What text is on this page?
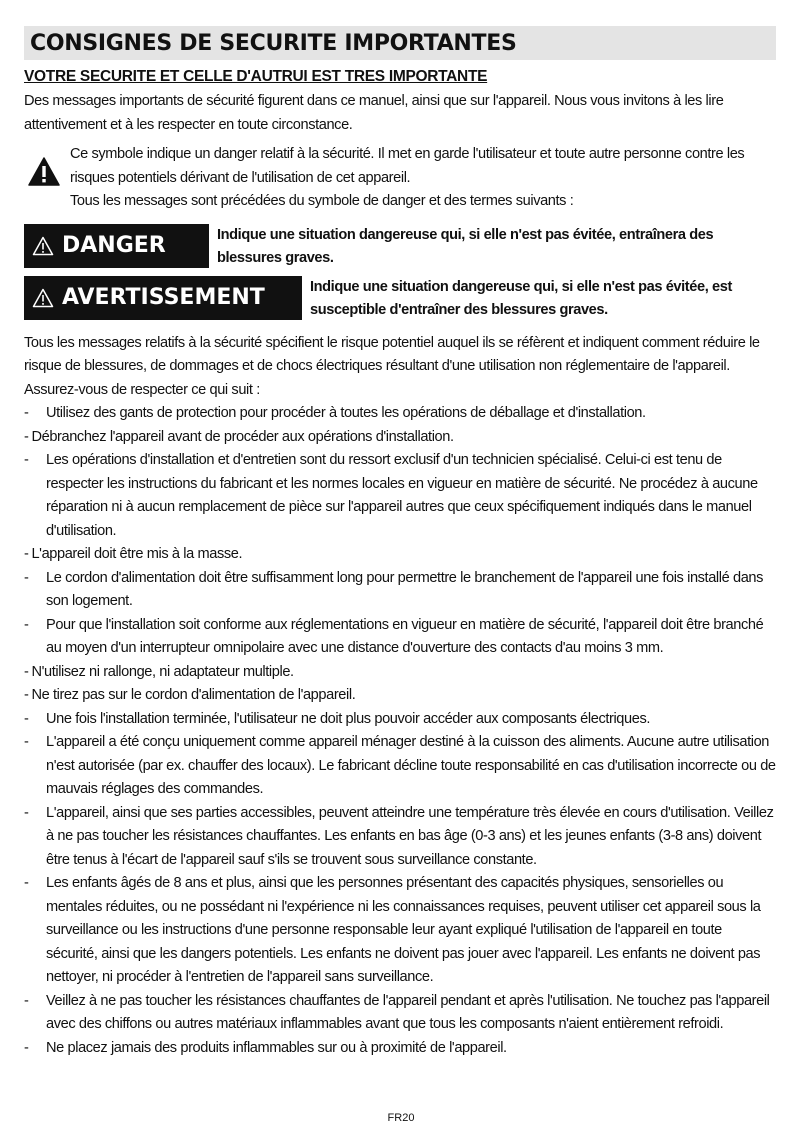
CONSIGNES DE SECURITE IMPORTANTES
VOTRE SECURITE ET CELLE D'AUTRUI EST TRES IMPORTANTE

Des messages importants de sécurité figurent dans ce manuel, ainsi que sur l'appareil. Nous vous invitons à les lire attentivement et à les respecter en toute circonstance.

Ce symbole indique un danger relatif à la sécurité. Il met en garde l'utilisateur et toute autre personne contre les risques potentiels dérivant de l'utilisation de cet appareil.

Tous les messages sont précédées du symbole de danger et des termes suivants :

DANGER	Indique une situation dangereuse qui, si elle n'est pas évitée, entraînera des blessures graves.
AVERTISSEMENT	Indique une situation dangereuse qui, si elle n'est pas évitée, est susceptible d'entraîner des blessures graves.

Tous les messages relatifs à la sécurité spécifient le risque potentiel auquel ils se réfèrent et indiquent comment réduire le risque de blessures, de dommages et de chocs électriques résultant d'une utilisation non réglementaire de l'appareil. Assurez-vous de respecter ce qui suit :

-	Utilisez des gants de protection pour procéder à toutes les opérations de déballage et d'installation.
- Débranchez l'appareil avant de procéder aux opérations d'installation.
-	Les opérations d'installation et d'entretien sont du ressort exclusif d'un technicien spécialisé. Celui-ci est tenu de respecter les instructions du fabricant et les normes locales en vigueur en matière de sécurité. Ne procédez à aucune réparation ni à aucun remplacement de pièce sur l'appareil autres que ceux spécifiquement indiqués dans le manuel d'utilisation.
- L'appareil doit être mis à la masse.
-	Le cordon d'alimentation doit être suffisamment long pour permettre le branchement de l'appareil une fois installé dans son logement.
-	Pour que l'installation soit conforme aux réglementations en vigueur en matière de sécurité, l'appareil doit être branché au moyen d'un interrupteur omnipolaire avec une distance d'ouverture des contacts d'au moins 3 mm.
- N'utilisez ni rallonge, ni adaptateur multiple.
- Ne tirez pas sur le cordon d'alimentation de l'appareil.
-	Une fois l'installation terminée, l'utilisateur ne doit plus pouvoir accéder aux composants électriques.
-	L'appareil a été conçu uniquement comme appareil ménager destiné à la cuisson des aliments. Aucune autre utilisation n'est autorisée (par ex. chauffer des locaux). Le fabricant décline toute responsabilité en cas d'utilisation incorrecte ou de mauvais réglages des commandes.
-	L'appareil, ainsi que ses parties accessibles, peuvent atteindre une température très élevée en cours d'utilisation. Veillez à ne pas toucher les résistances chauffantes. Les enfants en bas âge (0-3 ans) et les jeunes enfants (3-8 ans) doivent être tenus à l'écart de l'appareil sauf s'ils se trouvent sous surveillance constante.
-	Les enfants âgés de 8 ans et plus, ainsi que les personnes présentant des capacités physiques, sensorielles ou mentales réduites, ou ne possédant ni l'expérience ni les connaissances requises, peuvent utiliser cet appareil sous la surveillance ou les instructions d'une personne responsable leur ayant expliqué l'utilisation de l'appareil en toute sécurité, ainsi que les dangers potentiels. Les enfants ne doivent pas jouer avec l'appareil. Les enfants ne doivent pas nettoyer, ni procéder à l'entretien de l'appareil sans surveillance.
-	Veillez à ne pas toucher les résistances chauffantes de l'appareil pendant et après l'utilisation. Ne touchez pas l'appareil avec des chiffons ou autres matériaux inflammables avant que tous les composants n'aient entièrement refroidi.
-	Ne placez jamais des produits inflammables sur ou à proximité de l'appareil.
FR20
